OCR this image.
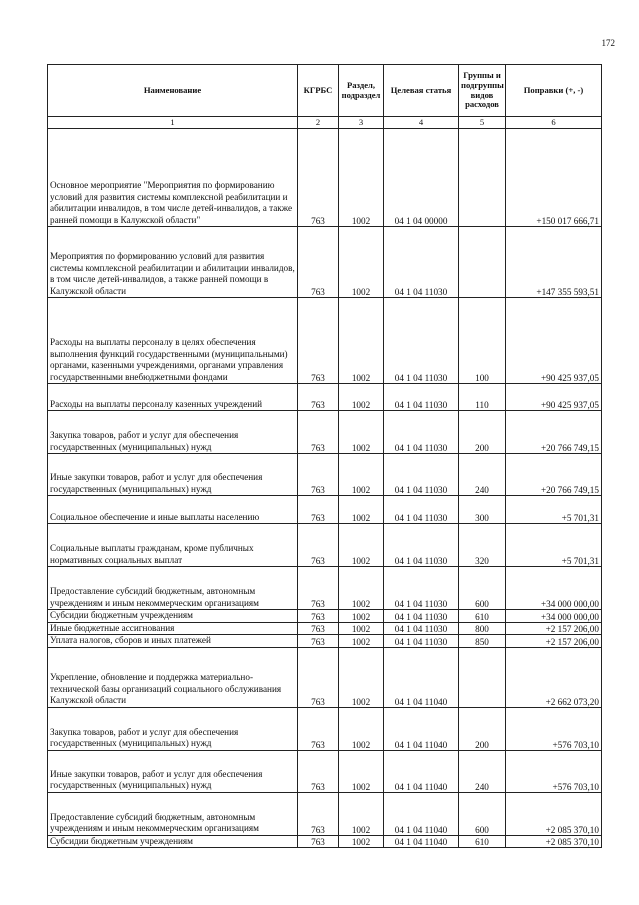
172
Наименование	КГРБС	Раздел, подраздел	Целевая статья	Группы и подгруппы видов расходов	Поправки (+, -)
1	2	3	4	5	6
Основное мероприятие "Мероприятия по формированию условий для развития системы комплексной реабилитации и абилитации инвалидов, в том числе детей-инвалидов, а также ранней помощи в Калужской области"	763	1002	04 1 04 00000		+150 017 666,71
Мероприятия по формированию условий для развития системы комплексной реабилитации и абилитации инвалидов, в том числе детей-инвалидов, а также ранней помощи в Калужской области	763	1002	04 1 04 11030		+147 355 593,51
Расходы на выплаты персоналу в целях обеспечения выполнения функций государственными (муниципальными) органами, казенными учреждениями, органами управления государственными внебюджетными фондами	763	1002	04 1 04 11030	100	+90 425 937,05
Расходы на выплаты персоналу казенных учреждений	763	1002	04 1 04 11030	110	+90 425 937,05
Закупка товаров, работ и услуг для обеспечения государственных (муниципальных) нужд	763	1002	04 1 04 11030	200	+20 766 749,15
Иные закупки товаров, работ и услуг для обеспечения государственных (муниципальных) нужд	763	1002	04 1 04 11030	240	+20 766 749,15
Социальное обеспечение и иные выплаты населению	763	1002	04 1 04 11030	300	+5 701,31
Социальные выплаты гражданам, кроме публичных нормативных социальных выплат	763	1002	04 1 04 11030	320	+5 701,31
Предоставление субсидий бюджетным, автономным учреждениям и иным некоммерческим организациям	763	1002	04 1 04 11030	600	+34 000 000,00
Субсидии бюджетным учреждениям	763	1002	04 1 04 11030	610	+34 000 000,00
Иные бюджетные ассигнования	763	1002	04 1 04 11030	800	+2 157 206,00
Уплата налогов, сборов и иных платежей	763	1002	04 1 04 11030	850	+2 157 206,00
Укрепление, обновление и поддержка материально-технической базы организаций социального обслуживания Калужской области	763	1002	04 1 04 11040		+2 662 073,20
Закупка товаров, работ и услуг для обеспечения государственных (муниципальных) нужд	763	1002	04 1 04 11040	200	+576 703,10
Иные закупки товаров, работ и услуг для обеспечения государственных (муниципальных) нужд	763	1002	04 1 04 11040	240	+576 703,10
Предоставление субсидий бюджетным, автономным учреждениям и иным некоммерческим организациям	763	1002	04 1 04 11040	600	+2 085 370,10
Субсидии бюджетным учреждениям	763	1002	04 1 04 11040	610	+2 085 370,10
